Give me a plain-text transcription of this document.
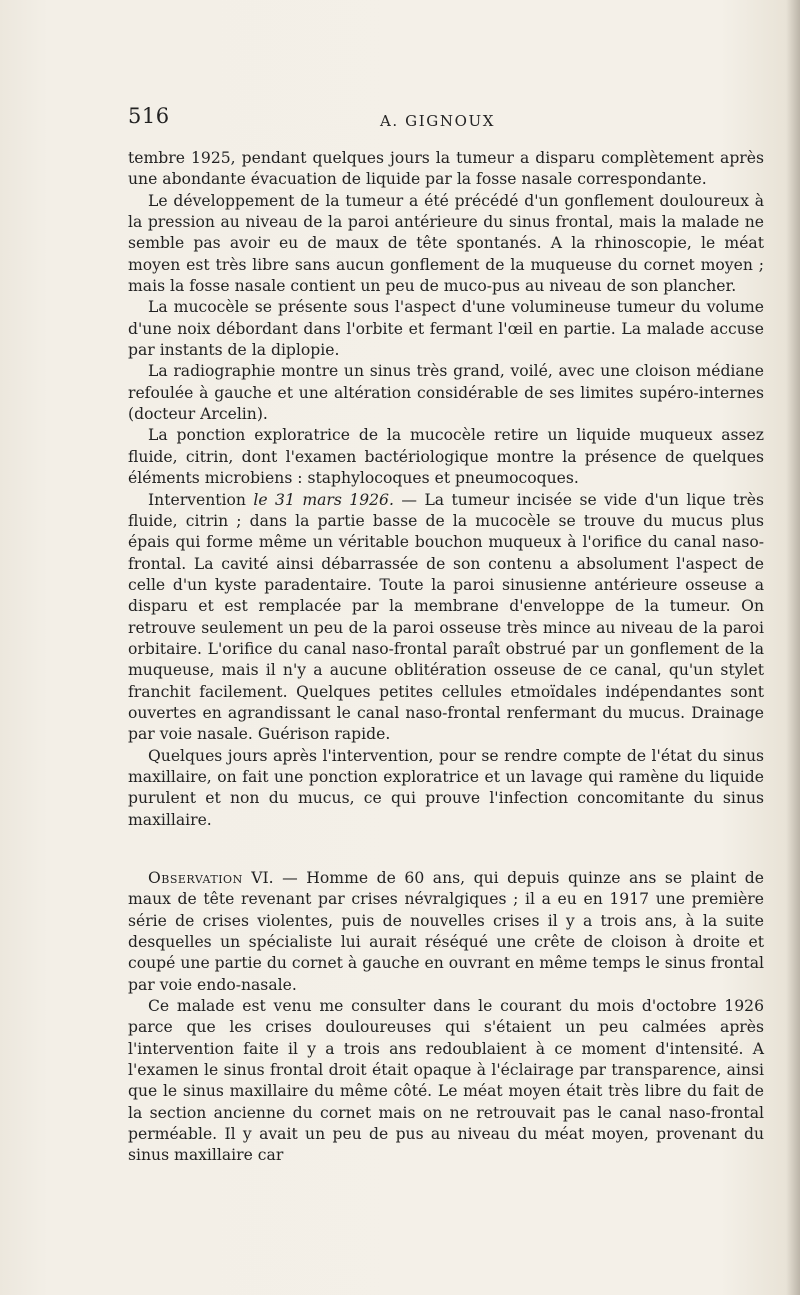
516	A. GIGNOUX

tembre 1925, pendant quelques jours la tumeur a disparu complètement après une abondante évacuation de liquide par la fosse nasale correspondante.

Le développement de la tumeur a été précédé d'un gonflement douloureux à la pression au niveau de la paroi antérieure du sinus frontal, mais la malade ne semble pas avoir eu de maux de tête spontanés. A la rhinoscopie, le méat moyen est très libre sans aucun gonflement de la muqueuse du cornet moyen ; mais la fosse nasale contient un peu de muco-pus au niveau de son plancher.

La mucocèle se présente sous l'aspect d'une volumineuse tumeur du volume d'une noix débordant dans l'orbite et fermant l'œil en partie. La malade accuse par instants de la diplopie.

La radiographie montre un sinus très grand, voilé, avec une cloison médiane refoulée à gauche et une altération considérable de ses limites supéro-internes (docteur Arcelin).

La ponction exploratrice de la mucocèle retire un liquide muqueux assez fluide, citrin, dont l'examen bactériologique montre la présence de quelques éléments microbiens : staphylocoques et pneumocoques.

Intervention le 31 mars 1926. — La tumeur incisée se vide d'un lique très fluide, citrin ; dans la partie basse de la mucocèle se trouve du mucus plus épais qui forme même un véritable bouchon muqueux à l'orifice du canal naso-frontal. La cavité ainsi débarrassée de son contenu a absolument l'aspect de celle d'un kyste paradentaire. Toute la paroi sinusienne antérieure osseuse a disparu et est remplacée par la membrane d'enveloppe de la tumeur. On retrouve seulement un peu de la paroi osseuse très mince au niveau de la paroi orbitaire. L'orifice du canal naso-frontal paraît obstrué par un gonflement de la muqueuse, mais il n'y a aucune oblitération osseuse de ce canal, qu'un stylet franchit facilement. Quelques petites cellules etmoïdales indépendantes sont ouvertes en agrandissant le canal naso-frontal renfermant du mucus. Drainage par voie nasale. Guérison rapide.

Quelques jours après l'intervention, pour se rendre compte de l'état du sinus maxillaire, on fait une ponction exploratrice et un lavage qui ramène du liquide purulent et non du mucus, ce qui prouve l'infection concomitante du sinus maxillaire.

Observation VI. — Homme de 60 ans, qui depuis quinze ans se plaint de maux de tête revenant par crises névralgiques ; il a eu en 1917 une première série de crises violentes, puis de nouvelles crises il y a trois ans, à la suite desquelles un spécialiste lui aurait réséqué une crête de cloison à droite et coupé une partie du cornet à gauche en ouvrant en même temps le sinus frontal par voie endo-nasale.

Ce malade est venu me consulter dans le courant du mois d'octobre 1926 parce que les crises douloureuses qui s'étaient un peu calmées après l'intervention faite il y a trois ans redoublaient à ce moment d'intensité. A l'examen le sinus frontal droit était opaque à l'éclairage par transparence, ainsi que le sinus maxillaire du même côté. Le méat moyen était très libre du fait de la section ancienne du cornet mais on ne retrouvait pas le canal naso-frontal perméable. Il y avait un peu de pus au niveau du méat moyen, provenant du sinus maxillaire car
